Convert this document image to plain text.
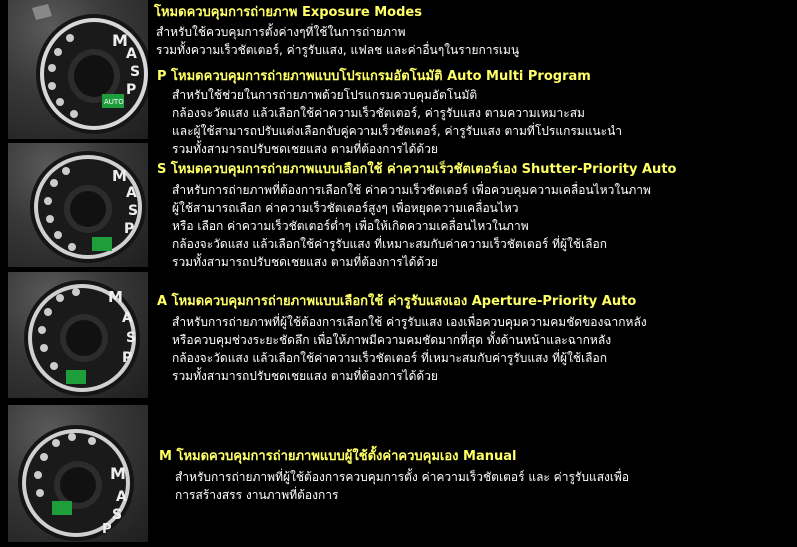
M
A
S
P
AUTO
M
A
S
P
M
A
S
P
M
A
S
P
โหมดควบคุมการถ่ายภาพ Exposure Modes
สำหรับใช้ควบคุมการตั้งค่างๆที่ใช้ในการถ่ายภาพ
รวมทั้งความเร็วชัตเตอร์, ค่ารูรับแสง, แฟลช และค่าอื่นๆในรายการเมนู
P โหมดควบคุมการถ่ายภาพแบบโปรแกรมอัตโนมัติ Auto Multi Program
สำหรับใช้ช่วยในการถ่ายภาพด้วยโปรแกรมควบคุมอัตโนมัติ
กล้องจะวัดแสง แล้วเลือกใช้ค่าความเร็วชัตเตอร์, ค่ารูรับแสง ตามความเหมาะสม
และผู้ใช้สามารถปรับแต่งเลือกจับคู่ความเร็วชัตเตอร์, ค่ารูรับแสง ตามที่โปรแกรมแนะนำ
รวมทั้งสามารถปรับชดเชยแสง ตามที่ต้องการได้ด้วย
S โหมดควบคุมการถ่ายภาพแบบเลือกใช้ ค่าความเร็วชัตเตอร์เอง Shutter-Priority Auto
สำหรับการถ่ายภาพที่ต้องการเลือกใช้ ค่าความเร็วชัตเตอร์ เพื่อควบคุมความเคลื่อนไหวในภาพ
ผู้ใช้สามารถเลือก ค่าความเร็วชัตเตอร์สูงๆ เพื่อหยุดความเคลื่อนไหว
หรือ เลือก ค่าความเร็วชัตเตอร์ต่ำๆ เพื่อให้เกิดความเคลื่อนไหวในภาพ
กล้องจะวัดแสง แล้วเลือกใช้ค่ารูรับแสง ที่เหมาะสมกับค่าความเร็วชัตเตอร์ ที่ผู้ใช้เลือก
รวมทั้งสามารถปรับชดเชยแสง ตามที่ต้องการได้ด้วย
A โหมดควบคุมการถ่ายภาพแบบเลือกใช้ ค่ารูรับแสงเอง Aperture-Priority Auto
สำหรับการถ่ายภาพที่ผู้ใช้ต้องการเลือกใช้ ค่ารูรับแสง เองเพื่อควบคุมความคมชัดของฉากหลัง
หรือควบคุมช่วงระยะชัดลึก เพื่อให้ภาพมีความคมชัดมากที่สุด ทั้งด้านหน้าและฉากหลัง
กล้องจะวัดแสง แล้วเลือกใช้ค่าความเร็วชัตเตอร์ ที่เหมาะสมกับค่ารูรับแสง ที่ผู้ใช้เลือก
รวมทั้งสามารถปรับชดเชยแสง ตามที่ต้องการได้ด้วย
M โหมดควบคุมการถ่ายภาพแบบผู้ใช้ตั้งค่าควบคุมเอง Manual
สำหรับการถ่ายภาพที่ผู้ใช้ต้องการควบคุมการตั้ง ค่าความเร็วชัตเตอร์ และ ค่ารูรับแสงเพื่อ
การสร้างสรร งานภาพที่ต้องการ
